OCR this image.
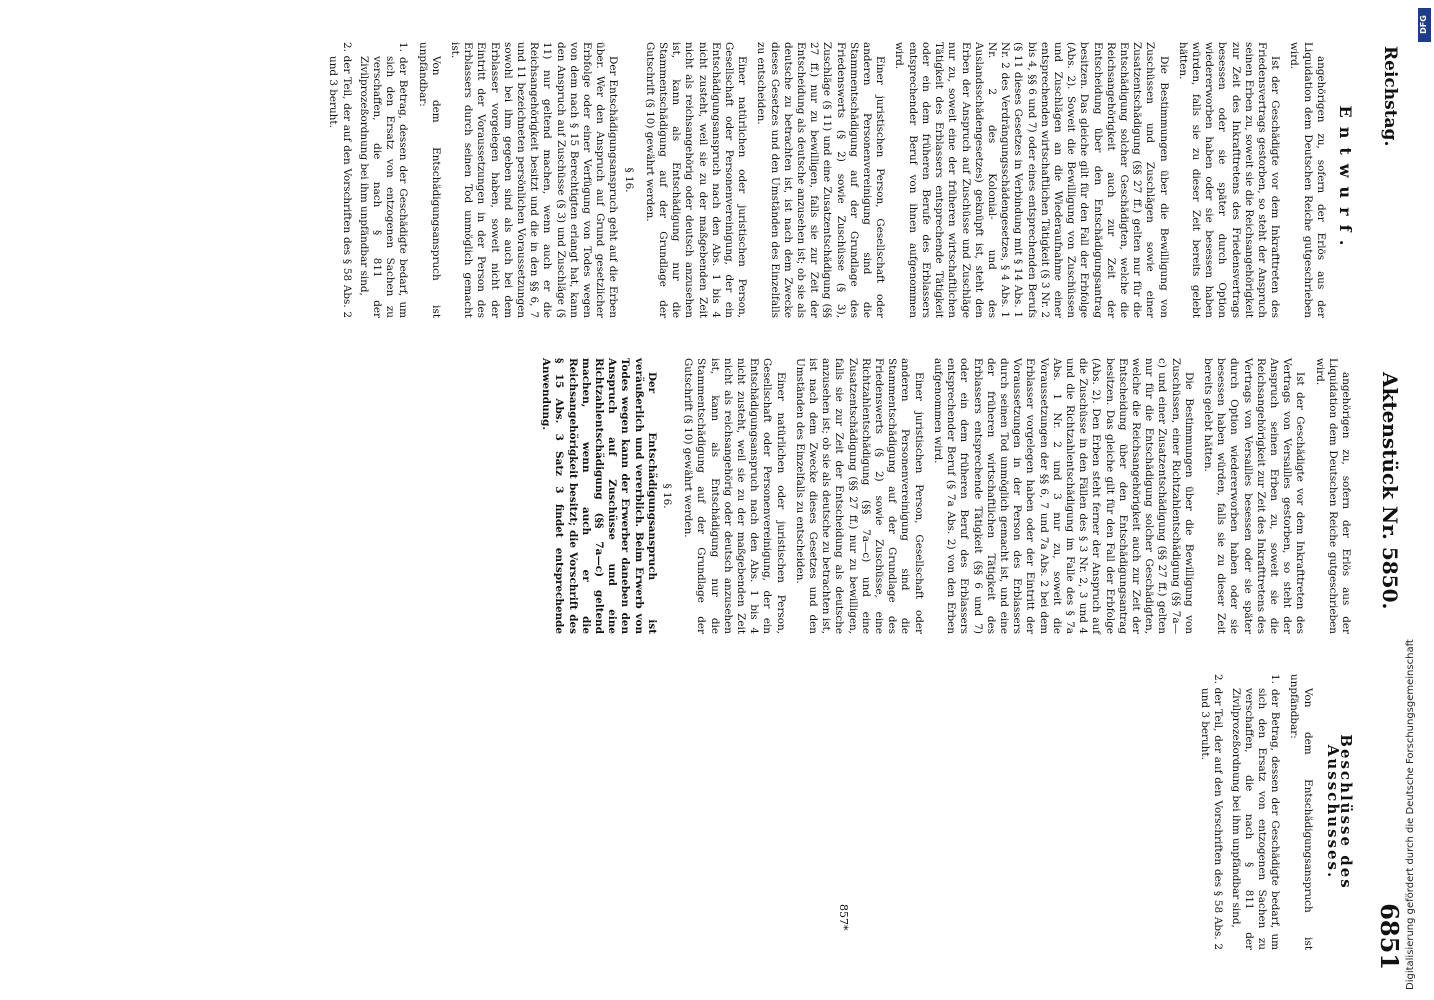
Reichstag.
Aktenstück Nr. 5850.
6851
Entwurf.

angehörigen zu, sofern der Erlös aus der Liquidation dem Deutschen Reiche gutgeschrieben wird.

Ist der Geschädigte vor dem Inkrafttreten des Friedensvertrags gestorben, so steht der Anspruch seinen Erben zu, soweit sie die Reichsangehörigkeit zur Zeit des Inkrafttretens des Friedensvertrags besessen oder sie später durch Option wiedererworben haben oder sie besessen haben würden, falls sie zu dieser Zeit bereits gelebt hätten.

Die Bestimmungen über die Bewilligung von Zuschüssen und Zuschlägen sowie einer Zusatzentschädigung (§§ 27 ff.) gelten nur für die Entschädigung solcher Geschädigten, welche die Reichsangehörigkeit auch zur Zeit der Entscheidung über den Entschädigungsantrag besitzen. Das gleiche gilt für den Fall der Erbfolge (Abs. 2). Soweit die Bewilligung von Zuschüssen und Zuschlägen an die Wiederaufnahme einer entsprechenden wirtschaftlichen Tätigkeit (§ 3 Nr. 2 bis 4, §§ 6 und 7) oder eines entsprechenden Berufs (§ 11 dieses Gesetzes in Verbindung mit § 14 Abs. 1 Nr. 2 des Verdrängungsschädengesetzes, § 4 Abs. 1 Nr. 2 des Kolonial- und des Auslandsschädengesetzes) geknüpft ist, steht den Erben der Anspruch auf Zuschüsse und Zuschläge nur zu, soweit eine der früheren wirtschaftlichen Tätigkeit des Erblassers entsprechende Tätigkeit oder ein dem früheren Berufe des Erblassers entsprechender Beruf von ihnen aufgenommen wird.

Einer juristischen Person, Gesellschaft oder anderen Personenvereinigung sind die Stammentschädigung auf der Grundlage des Friedenswerts (§ 2) sowie Zuschüsse (§ 3), Zuschläge (§ 11) und eine Zusatzentschädigung (§§ 27 ff.) nur zu bewilligen, falls sie zur Zeit der Entscheidung als deutsche anzusehen ist; ob sie als deutsche zu betrachten ist, ist nach dem Zwecke dieses Gesetzes und den Umständen des Einzelfalls zu entscheiden.

Einer natürlichen oder juristischen Person, Gesellschaft oder Personenvereinigung, der ein Entschädigungsanspruch nach den Abs. 1 bis 4 nicht zusteht, weil sie zu der maßgebenden Zeit nicht als reichsangehörig oder deutsch anzusehen ist, kann als Entschädigung nur die Stammentschädigung auf der Grundlage der Gutschrift (§ 10) gewährt werden.

§ 16.

Der Entschädigungsanspruch geht auf die Erben über. Wer den Anspruch auf Grund gesetzlicher Erbfolge oder einer Verfügung von Todes wegen von dem nach § 15 Berechtigten erlangt hat, kann den Anspruch auf Zuschüsse (§ 3) und Zuschläge (§ 11) nur geltend machen, wenn auch er die Reichsangehörigkeit besitzt und die in den §§ 6, 7 und 11 bezeichneten persönlichen Voraussetzungen sowohl bei ihm gegeben sind als auch bei dem Erblasser vorgelegen haben, soweit nicht der Eintritt der Voraussetzungen in der Person des Erblassers durch seinen Tod unmöglich gemacht ist.

Von dem Entschädigungsanspruch ist unpfändbar:

1. der Betrag, dessen der Geschädigte bedarf, um sich den Ersatz von entzogenen Sachen zu verschaffen, die nach § 811 der Zivilprozeßordnung bei ihm unpfändbar sind,

2. der Teil, der auf den Vorschriften des § 58 Abs. 2 und 3 beruht.

angehörigen zu, sofern der Erlös aus der Liquidation dem Deutschen Reiche gutgeschrieben wird.

Ist der Geschädigte vor dem Inkrafttreten des Vertrags von Versailles gestorben, so steht der Anspruch seinen Erben zu, soweit sie die Reichsangehörigkeit zur Zeit des Inkrafttretens des Vertrags von Versailles besessen oder sie später durch Option wiedererworben haben oder sie besessen haben würden, falls sie zu dieser Zeit bereits gelebt hätten.

Die Bestimmungen über die Bewilligung von Zuschüssen, einer Richtzahlentschädigung (§§ 7a—c) und einer Zusatzentschädigung (§§ 27 ff.) gelten nur für die Entschädigung solcher Geschädigten, welche die Reichsangehörigkeit auch zur Zeit der Entscheidung über den Entschädigungsantrag besitzen. Das gleiche gilt für den Fall der Erbfolge (Abs. 2). Den Erben steht ferner der Anspruch auf die Zuschüsse in den Fällen des § 3 Nr. 2, 3 und 4 und die Richtzahlentschädigung im Falle des § 7a Abs. 1 Nr. 2 und 3 nur zu, soweit die Voraussetzungen der §§ 6, 7 und 7a Abs. 2 bei dem Erblasser vorgelegen haben oder der Eintritt der Voraussetzungen in der Person des Erblassers durch seinen Tod unmöglich gemacht ist, und eine der früheren wirtschaftlichen Tätigkeit des Erblassers entsprechende Tätigkeit (§§ 6 und 7) oder ein dem früheren Beruf des Erblassers entsprechender Beruf (§ 7a Abs. 2) von den Erben aufgenommen wird.

Einer juristischen Person, Gesellschaft oder anderen Personenvereinigung sind die Stammentschädigung auf der Grundlage des Friedenswerts (§ 2) sowie Zuschüsse, eine Richtzahlentschädigung (§§ 7a—c) und eine Zusatzentschädigung (§§ 27 ff.) nur zu bewilligen, falls sie zur Zeit der Entscheidung als deutsche anzusehen ist; ob sie als deutsche zu betrachten ist, ist nach dem Zwecke dieses Gesetzes und den Umständen des Einzelfalls zu entscheiden.

Einer natürlichen oder juristischen Person, Gesellschaft oder Personenvereinigung, der ein Entschädigungsanspruch nach den Abs. 1 bis 4 nicht zusteht, weil sie zu der maßgebenden Zeit nicht als reichsangehörig oder deutsch anzusehen ist, kann als Entschädigung nur die Stammentschädigung auf der Grundlage der Gutschrift (§ 10) gewährt werden.

§ 16.

Der Entschädigungsanspruch ist veräußerlich und vererblich. Beim Erwerb von Todes wegen kann der Erwerber daneben den Anspruch auf Zuschüsse und eine Richtzahlentschädigung (§§ 7a—c) geltend machen, wenn auch er die Reichsangehörigkeit besitzt; die Vorschrift des § 15 Abs. 3 Satz 3 findet entsprechende Anwendung.

Beschlüsse des Ausschusses.

Von dem Entschädigungsanspruch ist unpfändbar:

1. der Betrag, dessen der Geschädigte bedarf, um sich den Ersatz von entzogenen Sachen zu verschaffen, die nach § 811 der Zivilprozeßordnung bei ihm unpfändbar sind,

2. der Teil, der auf den Vorschriften des § 58 Abs. 2 und 3 beruht.

857*
DFG
Digitalisierung gefördert durch die Deutsche Forschungsgemeinschaft
